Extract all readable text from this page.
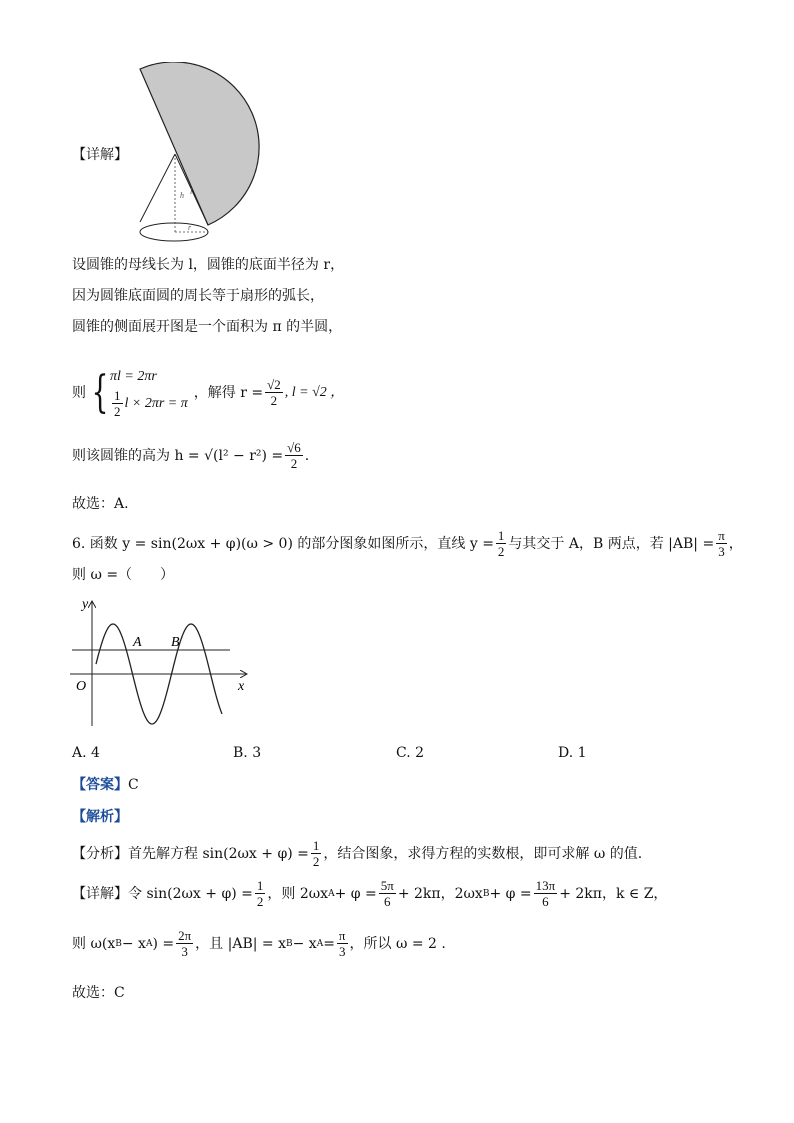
【详解】
h l
r
设圆锥的母线长为 l，圆锥的底面半径为 r，
因为圆锥底面圆的周长等于扇形的弧长，
圆锥的侧面展开图是一个面积为 π 的半圆，
则 { πl = 2πr
$\frac{1}{2}$ l × 2πr = π
，解得 $r = \frac{√2}{2}$ , l = √2 ，
则该圆锥的高为 $h = √(l^2 - r^2) = \frac{√6}{2}$ .
故选：A.
6. 函数 y = sin(2ωx + φ)(ω > 0) 的部分图象如图所示，直线 $y = \frac{1}{2}$ 与其交于 A，B 两点，若 $|AB| = \frac{\pi}{3}$ ，
则 ω =（　　）
y
x
O
A B
A. 4	B. 3	C. 2	D. 1
【答案】C
【解析】
【分析】 首先解方程 $\sin(2\omega x + \varphi) = \frac{1}{2}$ ，结合图象，求得方程的实数根，即可求解 ω 的值.
【详解】 令 $\sin(2\omega x + \varphi) = \frac{1}{2}$ ，则 2ωx $A + \varphi = \frac{5\pi}{6} + 2k\pi$，2ωx $B + \varphi = \frac{13\pi}{6} + 2k\pi$，k ∈ Z，
则 ω(x B − x A ) = $\frac{2\pi}{3}$ ，且 |AB| = x B − x $A = \frac{\pi}{3}$ ，所以 ω = 2 .
故选：C
